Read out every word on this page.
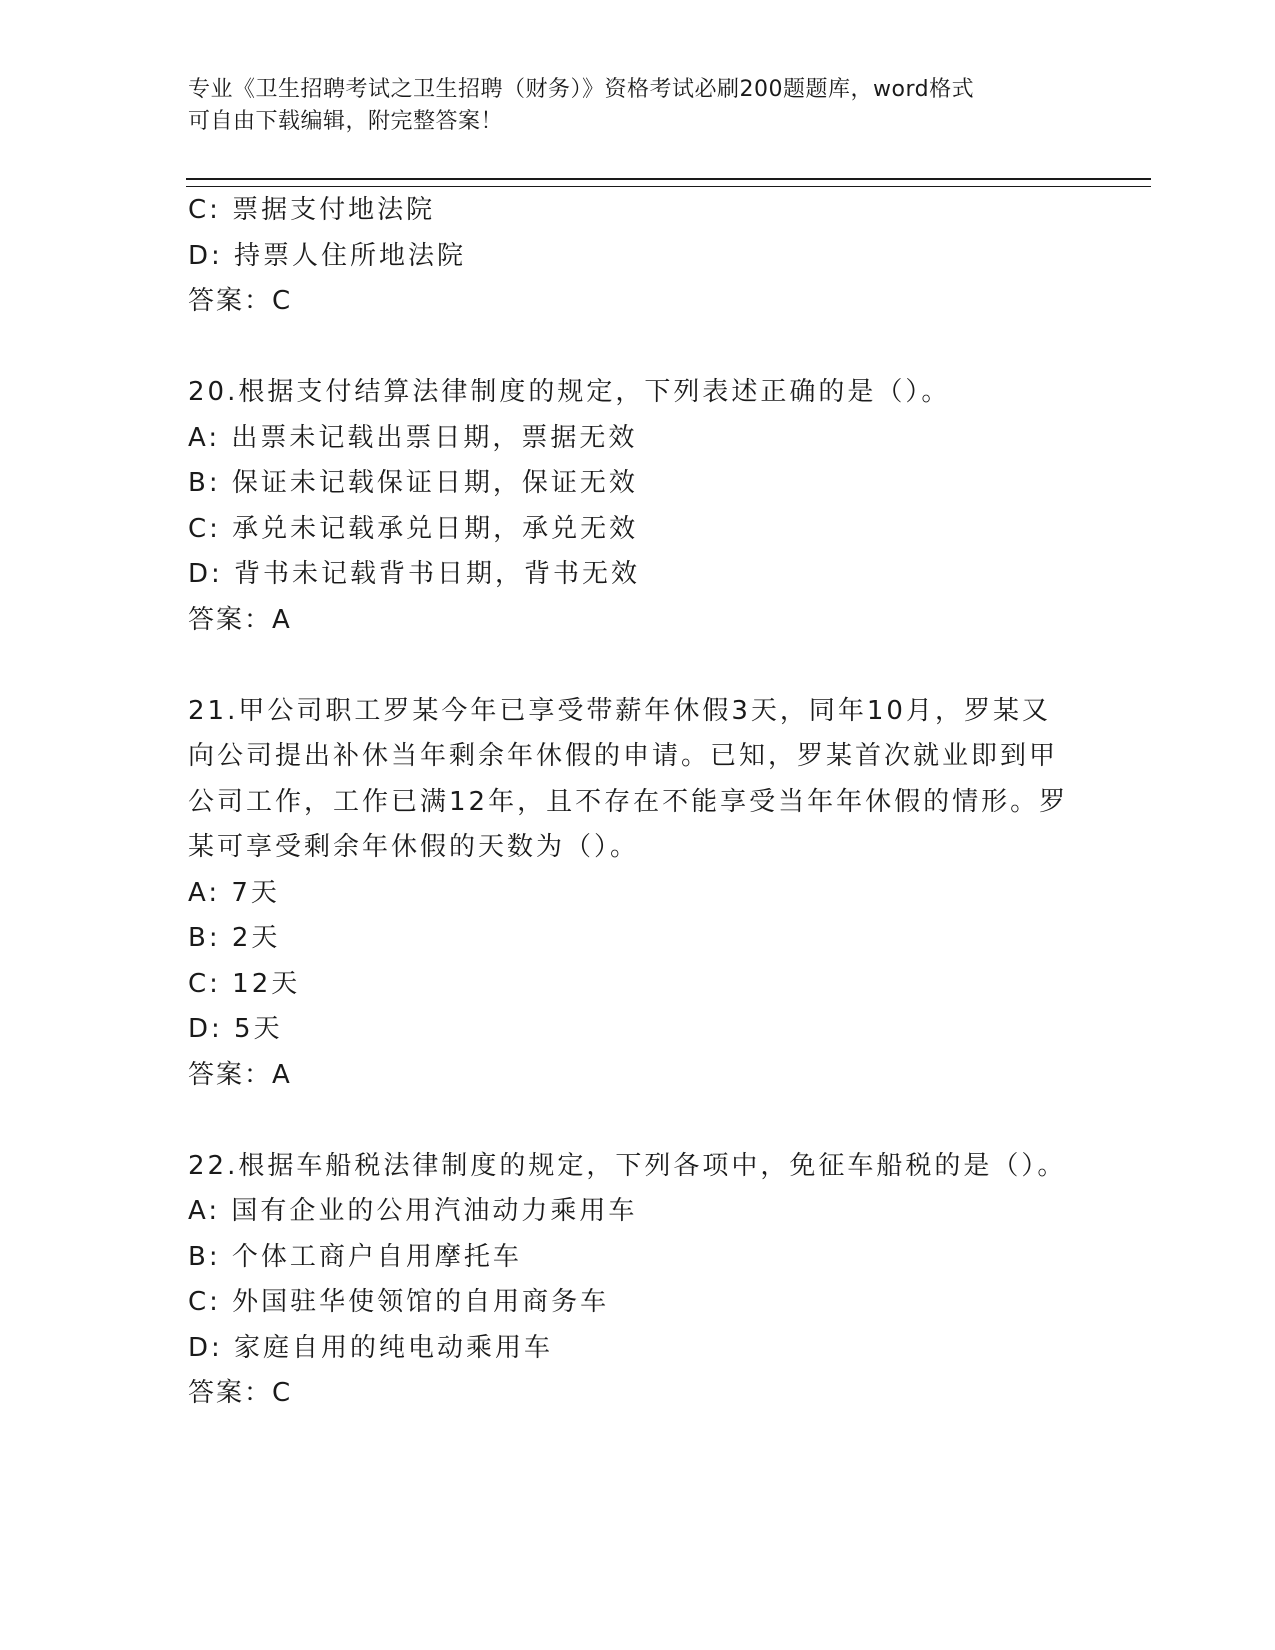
专业《卫生招聘考试之卫生招聘（财务）》资格考试必刷200题题库，word格式
可自由下载编辑，附完整答案！
C: 票据支付地法院
D: 持票人住所地法院
答案：C
20.根据支付结算法律制度的规定，下列表述正确的是（）。
A: 出票未记载出票日期，票据无效
B: 保证未记载保证日期，保证无效
C: 承兑未记载承兑日期，承兑无效
D: 背书未记载背书日期，背书无效
答案：A
21.甲公司职工罗某今年已享受带薪年休假3天，同年10月，罗某又
向公司提出补休当年剩余年休假的申请。已知，罗某首次就业即到甲
公司工作，工作已满12年，且不存在不能享受当年年休假的情形。罗
某可享受剩余年休假的天数为（）。
A: 7天
B: 2天
C: 12天
D: 5天
答案：A
22.根据车船税法律制度的规定，下列各项中，免征车船税的是（）。
A: 国有企业的公用汽油动力乘用车
B: 个体工商户自用摩托车
C: 外国驻华使领馆的自用商务车
D: 家庭自用的纯电动乘用车
答案：C
